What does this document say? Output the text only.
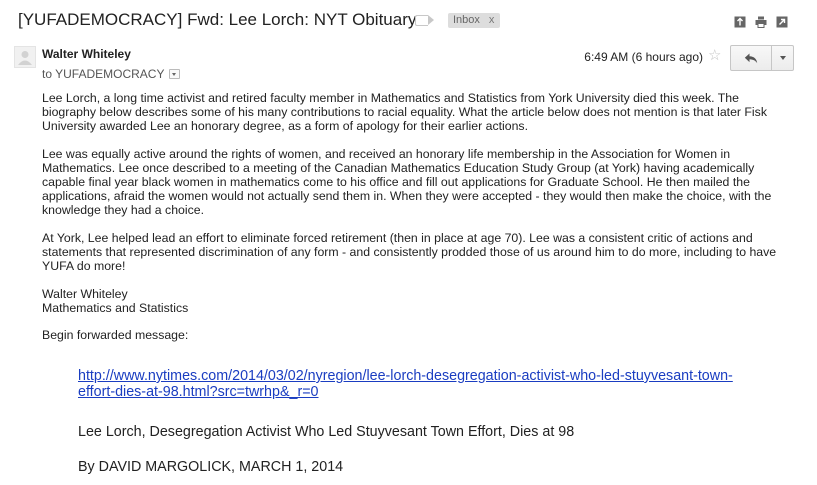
[YUFADEMOCRACY] Fwd: Lee Lorch: NYT Obituary	Inbox x
Walter Whiteley
to YUFADEMOCRACY
6:49 AM (6 hours ago) ☆

Lee Lorch, a long time activist and retired faculty member in Mathematics and Statistics from York University died this week. The biography below describes some of his many contributions to racial equality. What the article below does not mention is that later Fisk University awarded Lee an honorary degree, as a form of apology for their earlier actions.

Lee was equally active around the rights of women, and received an honorary life membership in the Association for Women in Mathematics. Lee once described to a meeting of the Canadian Mathematics Education Study Group (at York) having academically capable final year black women in mathematics come to his office and fill out applications for Graduate School. He then mailed the applications, afraid the women would not actually send them in. When they were accepted - they would then make the choice, with the knowledge they had a choice.

At York, Lee helped lead an effort to eliminate forced retirement (then in place at age 70). Lee was a consistent critic of actions and statements that represented discrimination of any form - and consistently prodded those of us around him to do more, including to have YUFA do more!

Walter Whiteley
Mathematics and Statistics
Begin forwarded message:
http://www.nytimes.com/2014/03/02/nyregion/lee-lorch-desegregation-activist-who-led-stuyvesant-town-
effort-dies-at-98.html?src=twrhp&_r=0
Lee Lorch, Desegregation Activist Who Led Stuyvesant Town Effort, Dies at 98
By DAVID MARGOLICK, MARCH 1, 2014
